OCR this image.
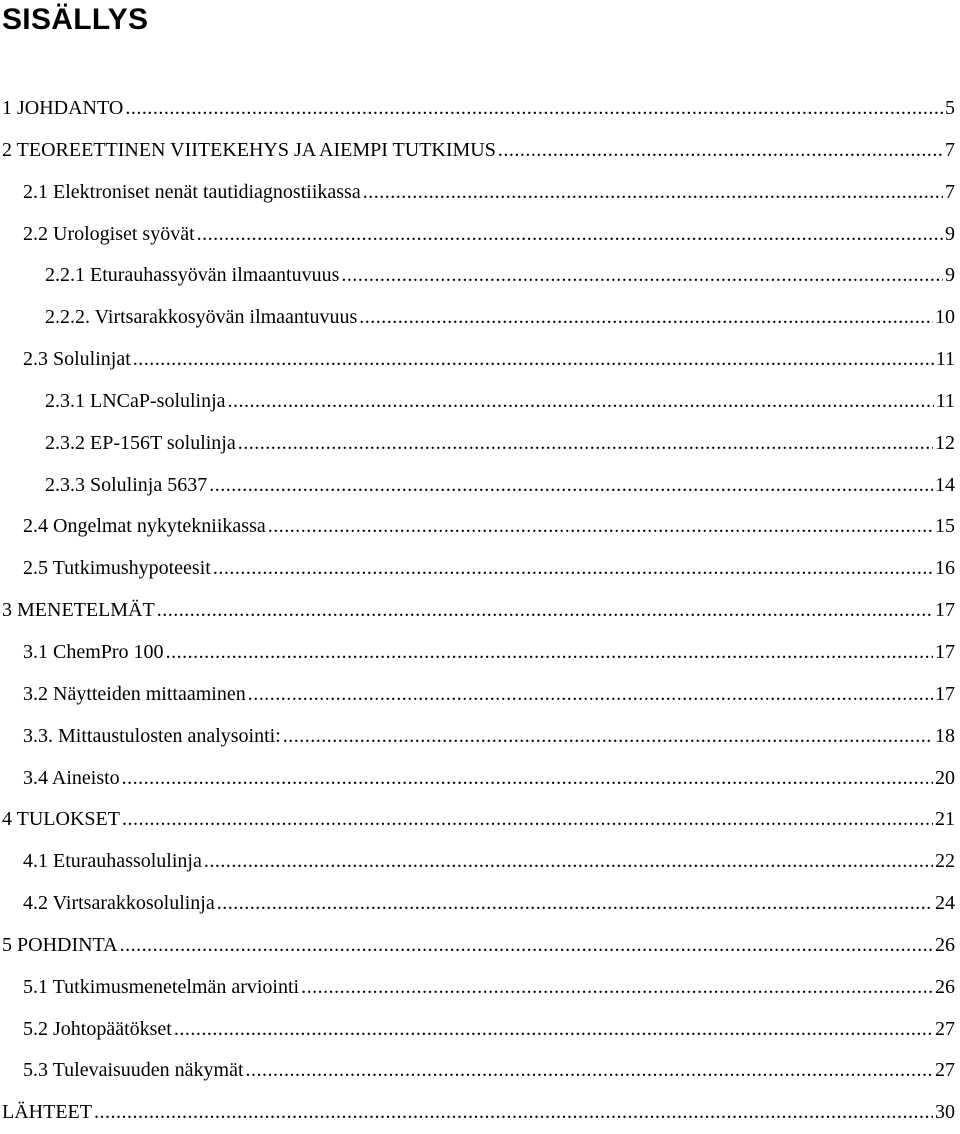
SISÄLLYS
1 JOHDANTO .....	5
2 TEOREETTINEN VIITEKEHYS JA AIEMPI TUTKIMUS .....	7
2.1 Elektroniset nenät tautidiagnostiikassa .....	7
2.2 Urologiset syövät .....	9
2.2.1 Eturauhassyövän ilmaantuvuus .....	9
2.2.2. Virtsarakkosyövän ilmaantuvuus .....	10
2.3 Solulinjat .....	11
2.3.1 LNCaP-solulinja .....	11
2.3.2 EP-156T solulinja .....	12
2.3.3 Solulinja 5637 .....	14
2.4 Ongelmat nykytekniikassa .....	15
2.5 Tutkimushypoteesit .....	16
3 MENETELMÄT .....	17
3.1 ChemPro 100 .....	17
3.2 Näytteiden mittaaminen .....	17
3.3. Mittaustulosten analysointi: .....	18
3.4 Aineisto .....	20
4 TULOKSET .....	21
4.1 Eturauhassolulinja .....	22
4.2 Virtsarakkosolulinja .....	24
5 POHDINTA .....	26
5.1 Tutkimusmenetelmän arviointi .....	26
5.2 Johtopäätökset .....	27
5.3 Tulevaisuuden näkymät .....	27
LÄHTEET .....	30
